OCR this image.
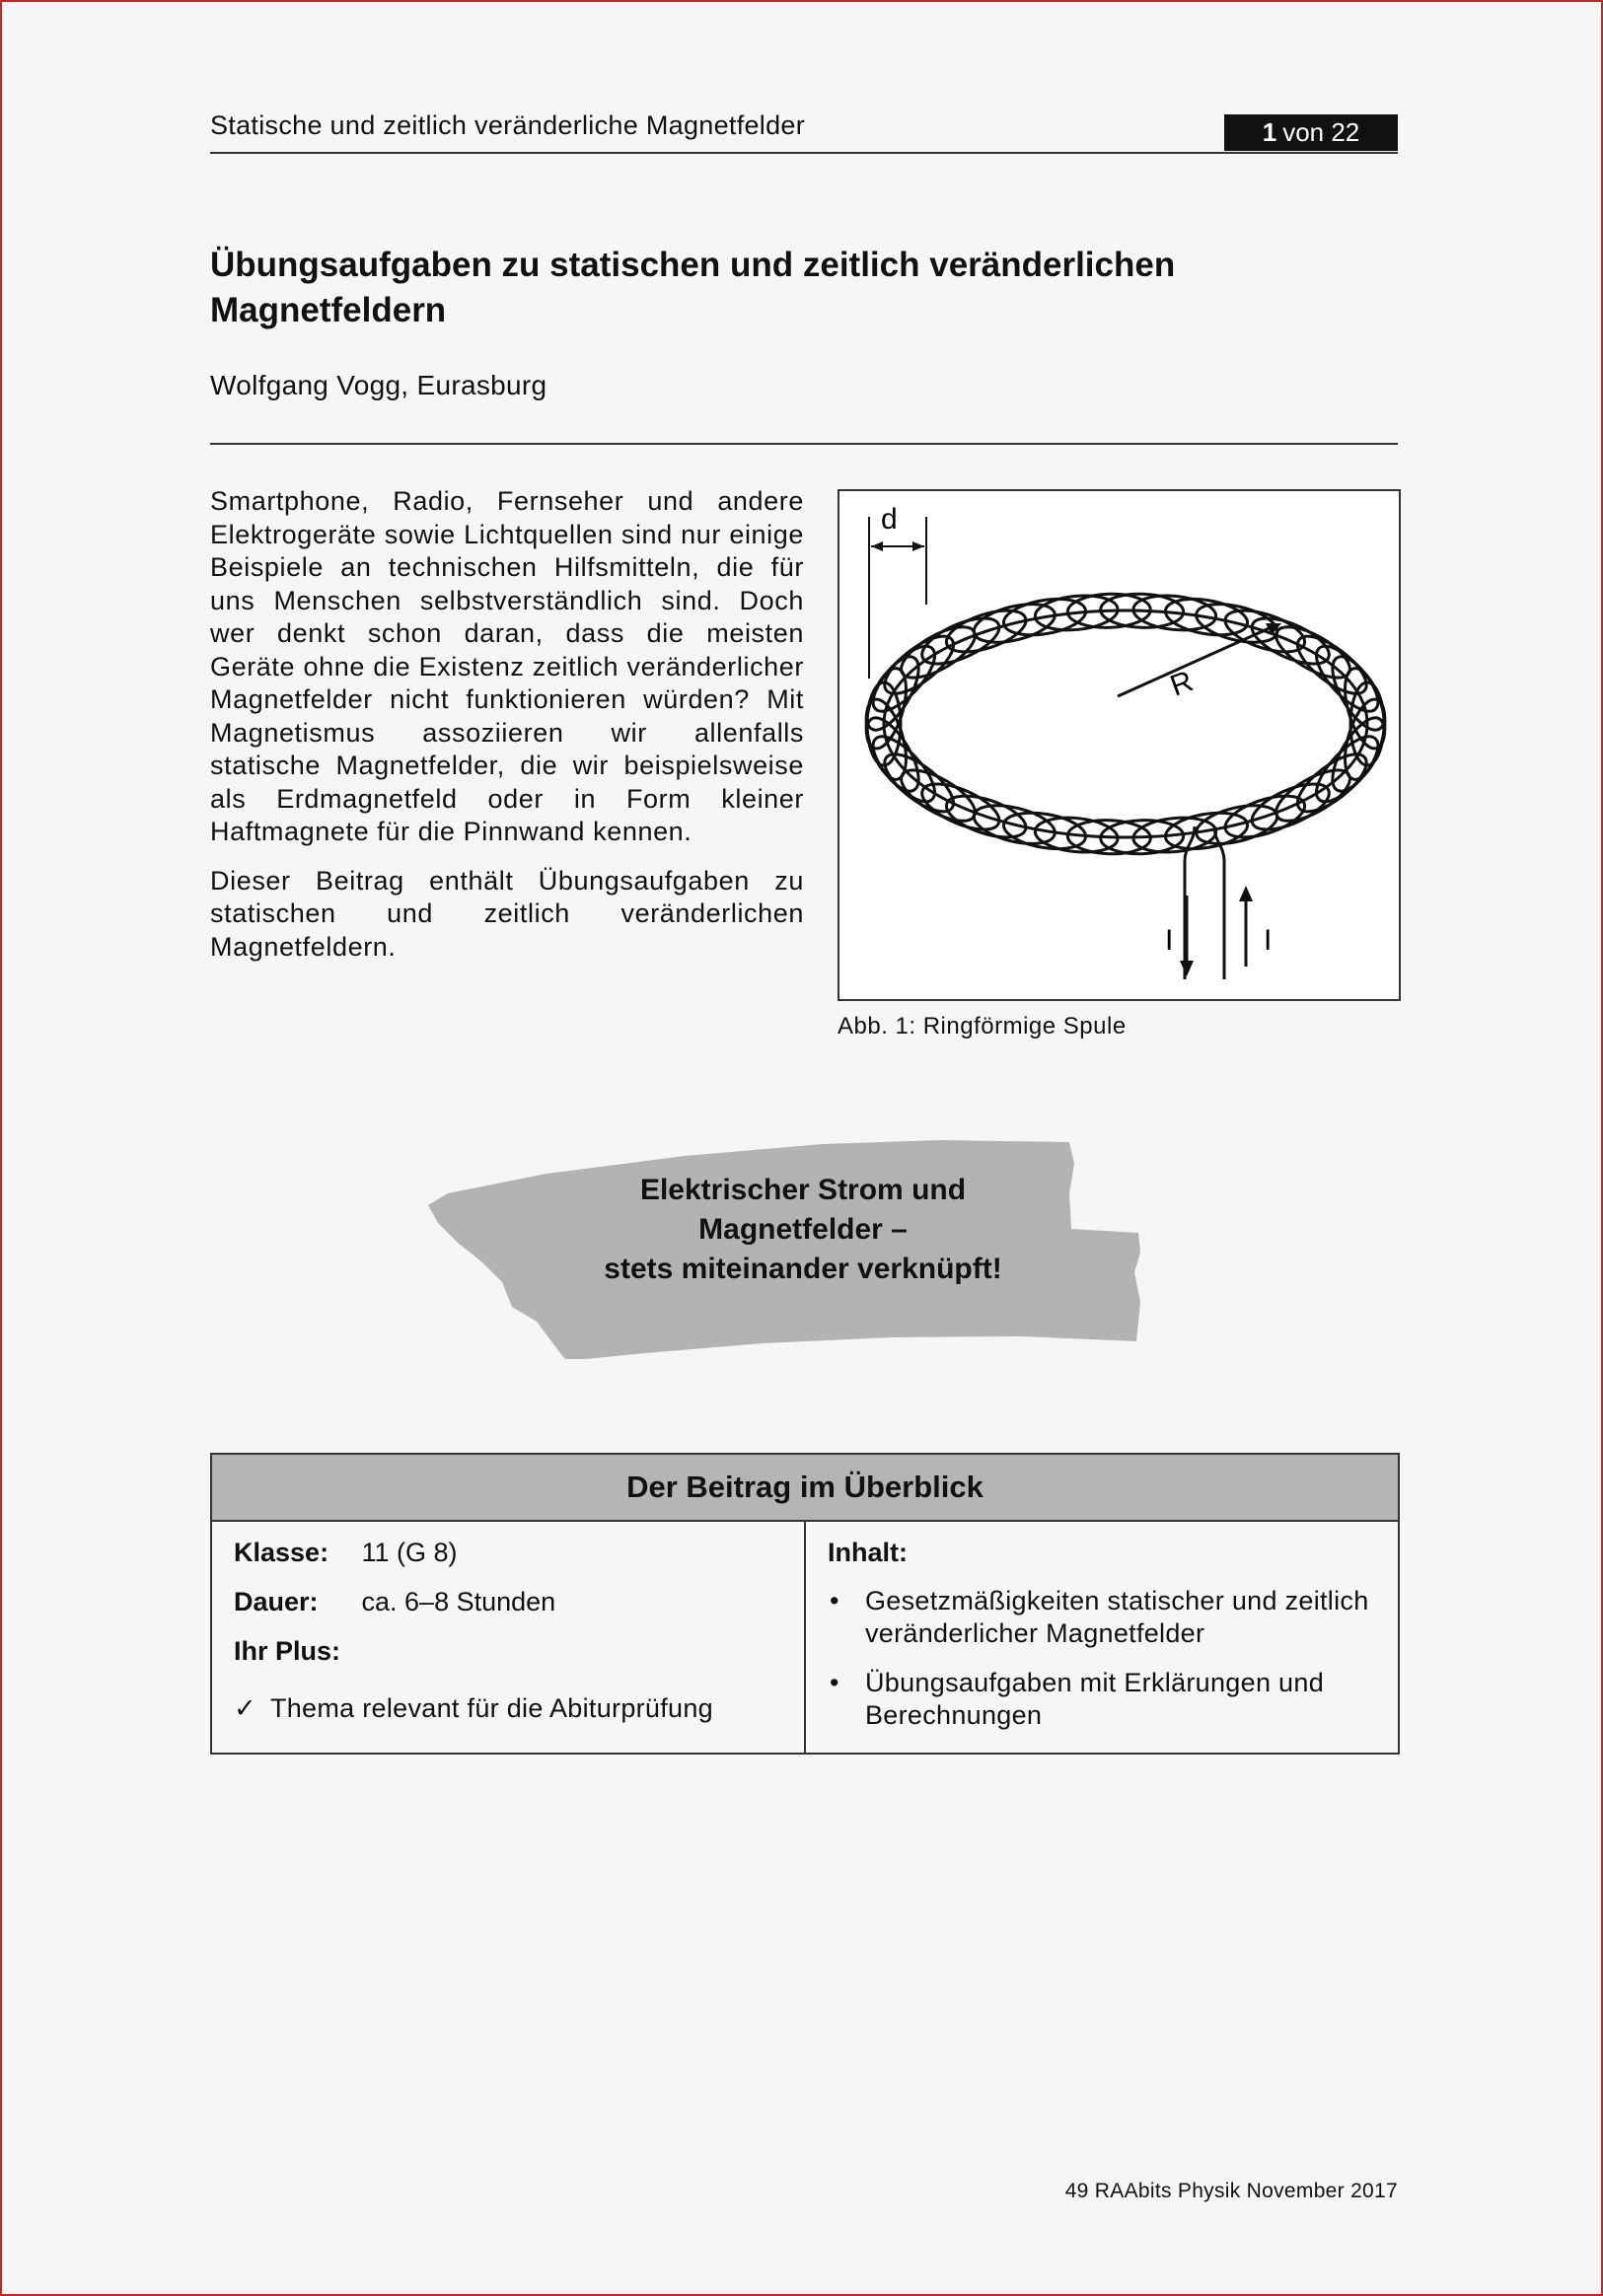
Statische und zeitlich veränderliche Magnetfelder	1 von 22
Übungsaufgaben zu statischen und zeitlich veränderlichen
Magnetfeldern
Wolfgang Vogg, Eurasburg

Smartphone, Radio, Fernseher und andere Elektrogeräte sowie Lichtquellen sind nur einige Beispiele an technischen Hilfsmitteln, die für uns Menschen selbstverständlich sind. Doch wer denkt schon daran, dass die meisten Geräte ohne die Existenz zeitlich veränderlicher Magnetfelder nicht funktionieren würden? Mit Magnetismus assoziieren wir allenfalls statische Magnetfelder, die wir beispielsweise als Erdmagnetfeld oder in Form kleiner Haftmagnete für die Pinnwand kennen.

Dieser Beitrag enthält Übungsaufgaben zu statischen und zeitlich veränderlichen Magnetfeldern.

d
R
I	I
Abb. 1: Ringförmige Spule
Elektrischer Strom und
Magnetfelder –
stets miteinander verknüpft!
Der Beitrag im Überblick
Klasse: 11 (G 8)
Dauer: ca. 6–8 Stunden
Ihr Plus:
✓ Thema relevant für die Abiturprüfung
Inhalt:
• Gesetzmäßigkeiten statischer und zeitlich veränderlicher Magnetfelder
• Übungsaufgaben mit Erklärungen und Berechnungen
49 RAAbits Physik November 2017
